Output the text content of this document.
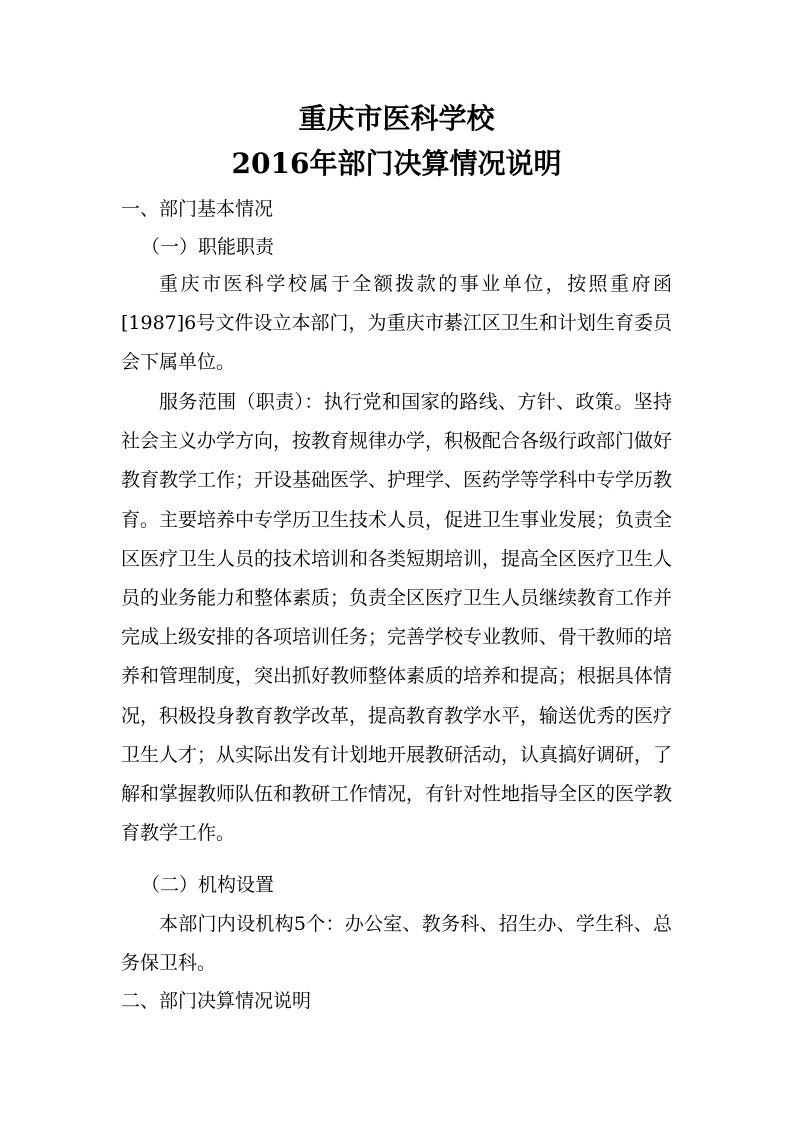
重庆市医科学校
2016年部门决算情况说明
一、部门基本情况
（一）职能职责

重庆市医科学校属于全额拨款的事业单位，按照重府函[1987]6号文件设立本部门，为重庆市綦江区卫生和计划生育委员会下属单位。

服务范围（职责）：执行党和国家的路线、方针、政策。坚持社会主义办学方向，按教育规律办学，积极配合各级行政部门做好教育教学工作；开设基础医学、护理学、医药学等学科中专学历教育。主要培养中专学历卫生技术人员，促进卫生事业发展；负责全区医疗卫生人员的技术培训和各类短期培训，提高全区医疗卫生人员的业务能力和整体素质；负责全区医疗卫生人员继续教育工作并完成上级安排的各项培训任务；完善学校专业教师、骨干教师的培养和管理制度，突出抓好教师整体素质的培养和提高；根据具体情况，积极投身教育教学改革，提高教育教学水平，输送优秀的医疗卫生人才；从实际出发有计划地开展教研活动，认真搞好调研，了解和掌握教师队伍和教研工作情况，有针对性地指导全区的医学教育教学工作。

（二）机构设置

本部门内设机构5个：办公室、教务科、招生办、学生科、总务保卫科。

二、部门决算情况说明
